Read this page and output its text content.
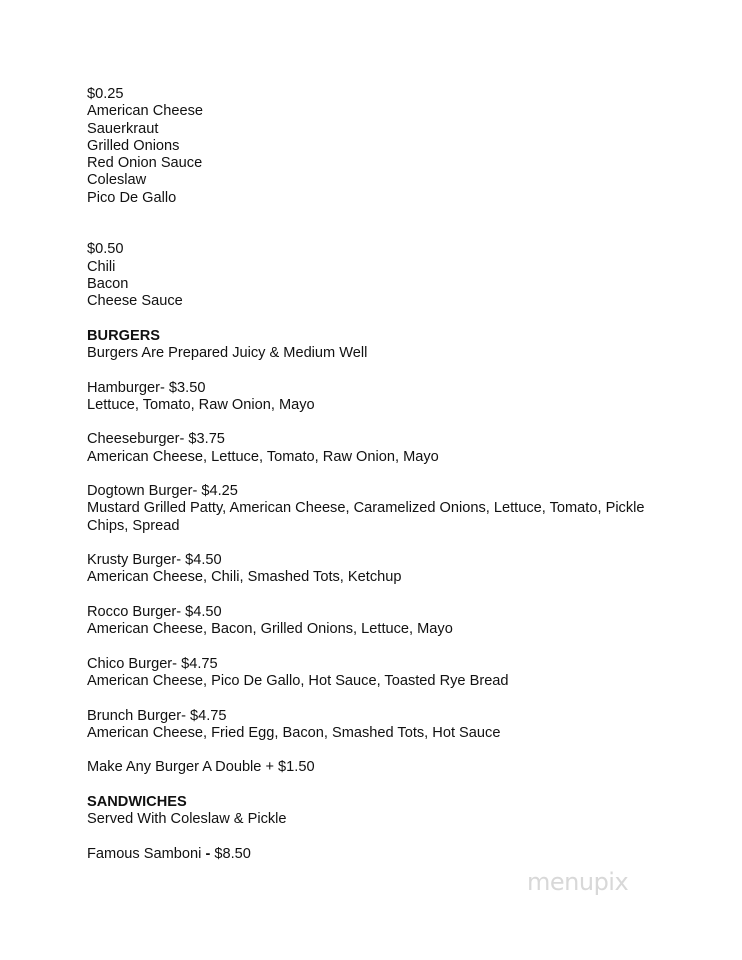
$0.25
American Cheese
Sauerkraut
Grilled Onions
Red Onion Sauce
Coleslaw
Pico De Gallo
$0.50
Chili
Bacon
Cheese Sauce
BURGERS
Burgers Are Prepared Juicy & Medium Well
Hamburger- $3.50
Lettuce, Tomato, Raw Onion, Mayo
Cheeseburger- $3.75
American Cheese, Lettuce, Tomato, Raw Onion, Mayo
Dogtown Burger- $4.25
Mustard Grilled Patty, American Cheese, Caramelized Onions, Lettuce, Tomato, Pickle
Chips, Spread
Krusty Burger- $4.50
American Cheese, Chili, Smashed Tots, Ketchup
Rocco Burger- $4.50
American Cheese, Bacon, Grilled Onions, Lettuce, Mayo
Chico Burger- $4.75
American Cheese, Pico De Gallo, Hot Sauce, Toasted Rye Bread
Brunch Burger- $4.75
American Cheese, Fried Egg, Bacon, Smashed Tots, Hot Sauce
Make Any Burger A Double + $1.50
SANDWICHES
Served With Coleslaw & Pickle
Famous Samboni - $8.50
menupix
